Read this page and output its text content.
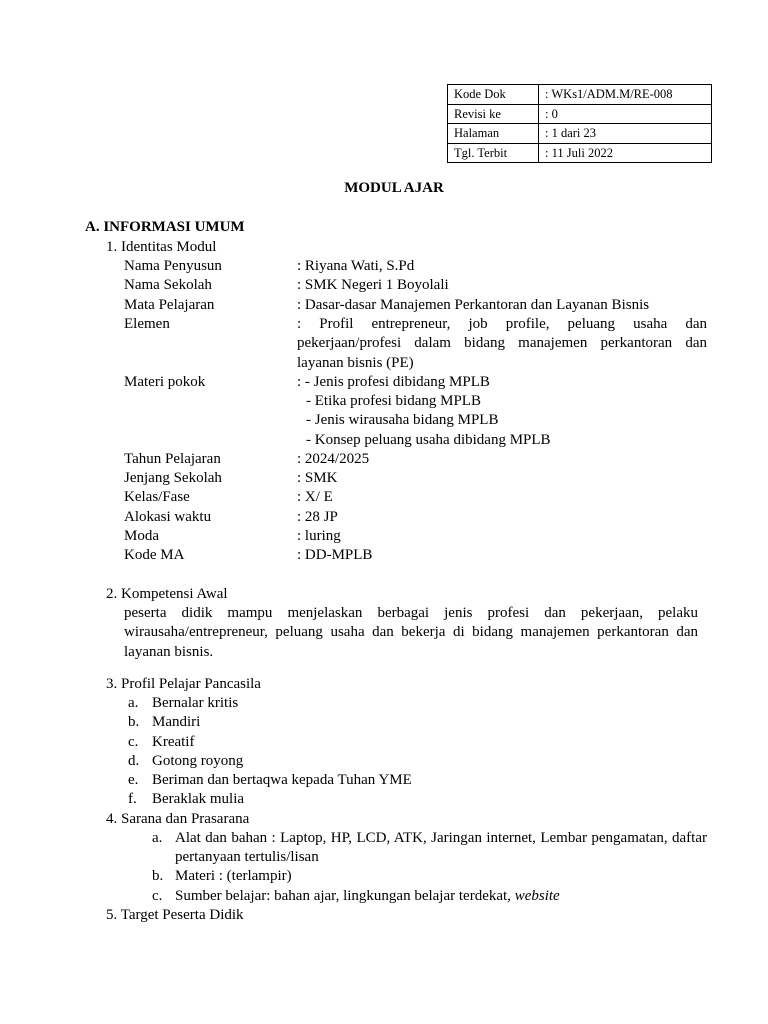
Kode Dok	: WKs1/ADM.M/RE-008
Revisi ke	: 0
Halaman	: 1 dari 23
Tgl. Terbit	: 11 Juli 2022
MODUL AJAR
A. INFORMASI UMUM
1. Identitas Modul
Nama Penyusun	: Riyana Wati, S.Pd
Nama Sekolah	: SMK Negeri 1 Boyolali
Mata Pelajaran	: Dasar-dasar Manajemen Perkantoran dan Layanan Bisnis
Elemen	: Profil entrepreneur, job profile, peluang usaha dan pekerjaan/profesi dalam bidang manajemen perkantoran dan layanan bisnis (PE)
Materi pokok	: - Jenis profesi dibidang MPLB
- Etika profesi bidang MPLB
- Jenis wirausaha bidang MPLB
- Konsep peluang usaha dibidang MPLB
Tahun Pelajaran	: 2024/2025
Jenjang Sekolah	: SMK
Kelas/Fase	: X/ E
Alokasi waktu	: 28 JP
Moda	: luring
Kode MA	: DD-MPLB
2. Kompetensi Awal
peserta didik mampu menjelaskan berbagai jenis profesi dan pekerjaan, pelaku wirausaha/entrepreneur, peluang usaha dan bekerja di bidang manajemen perkantoran dan layanan bisnis.
3. Profil Pelajar Pancasila
a. Bernalar kritis
b. Mandiri
c. Kreatif
d. Gotong royong
e. Beriman dan bertaqwa kepada Tuhan YME
f. Beraklak mulia
4. Sarana dan Prasarana
a. Alat dan bahan : Laptop, HP, LCD, ATK, Jaringan internet, Lembar pengamatan, daftar pertanyaan tertulis/lisan
b. Materi : (terlampir)
c. Sumber belajar: bahan ajar, lingkungan belajar terdekat, website
5. Target Peserta Didik
